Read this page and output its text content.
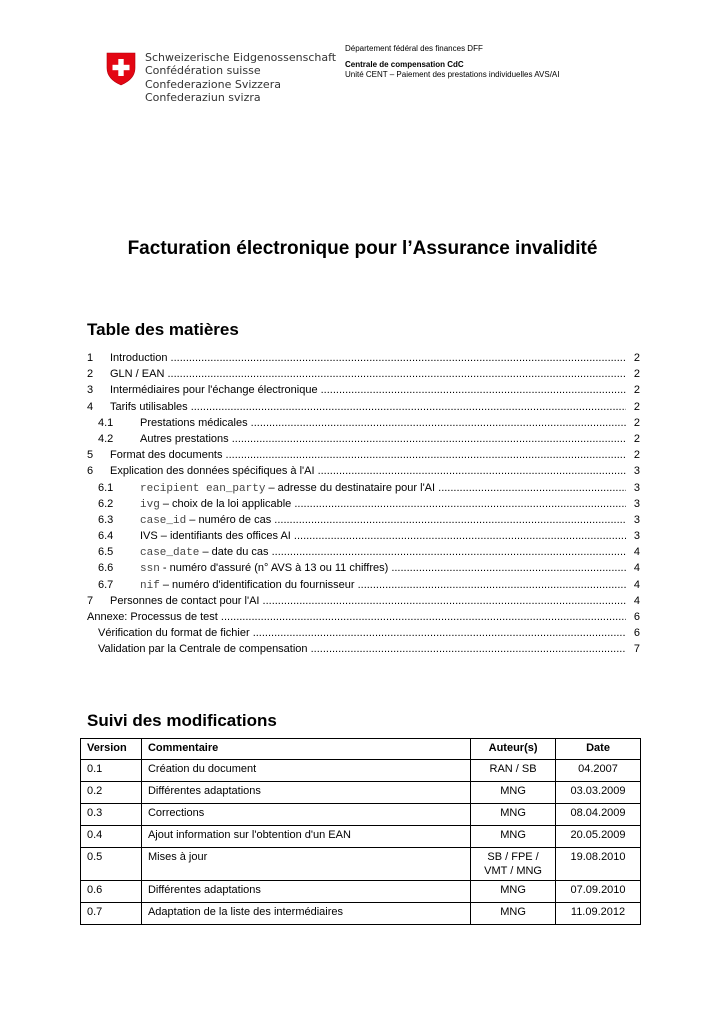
Schweizerische Eidgenossenschaft
Confédération suisse
Confederazione Svizzera
Confederaziun svizra
Département fédéral des finances DFF
Centrale de compensation CdC
Unité CENT – Paiement des prestations individuelles AVS/AI
Facturation électronique pour l’Assurance invalidité
Table des matières
1 Introduction .....	2
2 GLN / EAN .....	2
3 Intermédiaires pour l'échange électronique .....	2
4 Tarifs utilisables .....	2
4.1 Prestations médicales .....	2
4.2 Autres prestations .....	2
5 Format des documents .....	2
6 Explication des données spécifiques à l'AI .....	3
6.1 recipient ean_party – adresse du destinataire pour l'AI .....	3
6.2 ivg – choix de la loi applicable .....	3
6.3 case_id – numéro de cas .....	3
6.4 IVS – identifiants des offices AI .....	3
6.5 case_date – date du cas .....	4
6.6 ssn - numéro d'assuré (n° AVS à 13 ou 11 chiffres) .....	4
6.7 nif – numéro d'identification du fournisseur .....	4
7 Personnes de contact pour l'AI .....	4
Annexe: Processus de test .....	6
Vérification du format de fichier .....	6
Validation par la Centrale de compensation .....	7
Suivi des modifications
Version	Commentaire	Auteur(s)	Date
0.1	Création du document	RAN / SB	04.2007
0.2	Différentes adaptations	MNG	03.03.2009
0.3	Corrections	MNG	08.04.2009
0.4	Ajout information sur l'obtention d'un EAN	MNG	20.05.2009
0.5	Mises à jour	SB / FPE / VMT / MNG	19.08.2010
0.6	Différentes adaptations	MNG	07.09.2010
0.7	Adaptation de la liste des intermédiaires	MNG	11.09.2012
